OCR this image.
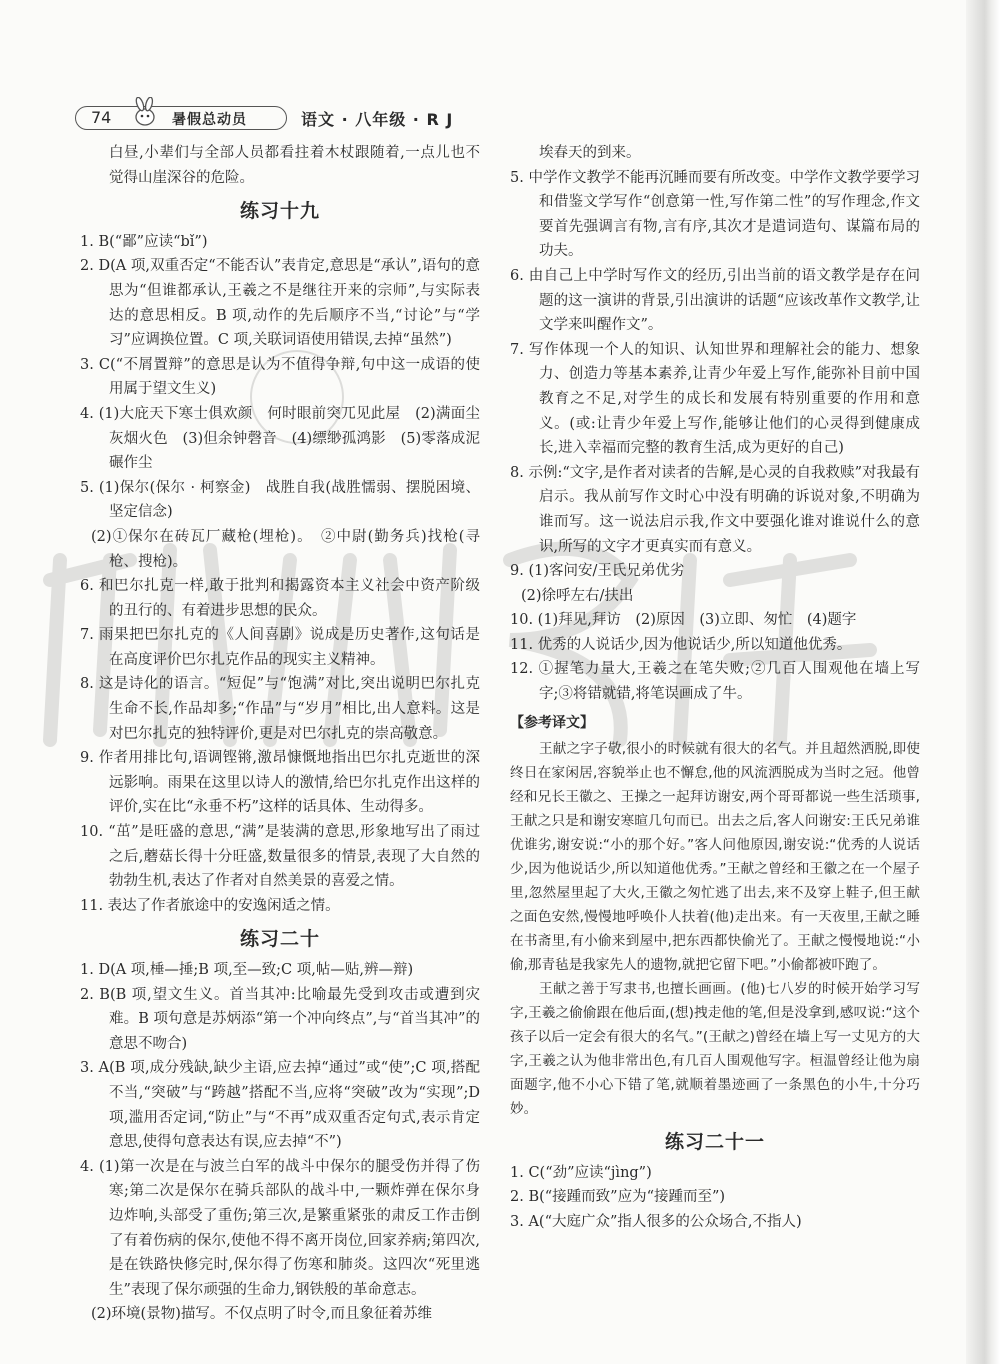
74	暑假总动员	语文 · 八年级 · R J

白昼,小辈们与全部人员都看拄着木杖跟随着,一点儿也不觉得山崖深谷的危险。

练习十九

1. B(“鄙”应读“bǐ”)

2. D(A 项,双重否定“不能否认”表肯定,意思是“承认”,语句的意思为“但谁都承认,王羲之不是继往开来的宗师”,与实际表达的意思相反。B 项,动作的先后顺序不当,“讨论”与“学习”应调换位置。C 项,关联词语使用错误,去掉“虽然”)

3. C(“不屑置辩”的意思是认为不值得争辩,句中这一成语的使用属于望文生义)

4. (1)大庇天下寒士俱欢颜　何时眼前突兀见此屋　(2)满面尘灰烟火色　(3)但余钟磬音　(4)缥缈孤鸿影　(5)零落成泥碾作尘

5. (1)保尔(保尔 · 柯察金)　战胜自我(战胜懦弱、摆脱困境、坚定信念)

(2)①保尔在砖瓦厂藏枪(埋枪)。　②中尉(勤务兵)找枪(寻枪、搜枪)。

6. 和巴尔扎克一样,敢于批判和揭露资本主义社会中资产阶级的丑行的、有着进步思想的民众。

7. 雨果把巴尔扎克的《人间喜剧》说成是历史著作,这句话是在高度评价巴尔扎克作品的现实主义精神。

8. 这是诗化的语言。“短促”与“饱满”对比,突出说明巴尔扎克生命不长,作品却多;“作品”与“岁月”相比,出人意料。这是对巴尔扎克的独特评价,更是对巴尔扎克的崇高敬意。

9. 作者用排比句,语调铿锵,激昂慷慨地指出巴尔扎克逝世的深远影响。雨果在这里以诗人的激情,给巴尔扎克作出这样的评价,实在比“永垂不朽”这样的话具体、生动得多。

10. “茁”是旺盛的意思,“满”是装满的意思,形象地写出了雨过之后,蘑菇长得十分旺盛,数量很多的情景,表现了大自然的勃勃生机,表达了作者对自然美景的喜爱之情。

11. 表达了作者旅途中的安逸闲适之情。

练习二十

1. D(A 项,棰—捶;B 项,至—致;C 项,帖—贴,辨—辩)

2. B(B 项,望文生义。首当其冲:比喻最先受到攻击或遭到灾难。B 项句意是苏炳添“第一个冲向终点”,与“首当其冲”的意思不吻合)

3. A(B 项,成分残缺,缺少主语,应去掉“通过”或“使”;C 项,搭配不当,“突破”与“跨越”搭配不当,应将“突破”改为“实现”;D 项,滥用否定词,“防止”与“不再”成双重否定句式,表示肯定意思,使得句意表达有误,应去掉“不”)

4. (1)第一次是在与波兰白军的战斗中保尔的腿受伤并得了伤寒;第二次是保尔在骑兵部队的战斗中,一颗炸弹在保尔身边炸响,头部受了重伤;第三次,是繁重紧张的肃反工作击倒了有着伤病的保尔,使他不得不离开岗位,回家养病;第四次,是在铁路快修完时,保尔得了伤寒和肺炎。这四次“死里逃生”表现了保尔顽强的生命力,钢铁般的革命意志。

(2)环境(景物)描写。不仅点明了时令,而且象征着苏维

埃春天的到来。

5. 中学作文教学不能再沉睡而要有所改变。中学作文教学要学习和借鉴文学写作“创意第一性,写作第二性”的写作理念,作文要首先强调言有物,言有序,其次才是遣词造句、谋篇布局的功夫。

6. 由自己上中学时写作文的经历,引出当前的语文教学是存在问题的这一演讲的背景,引出演讲的话题“应该改革作文教学,让文学来叫醒作文”。

7. 写作体现一个人的知识、认知世界和理解社会的能力、想象力、创造力等基本素养,让青少年爱上写作,能弥补目前中国教育之不足,对学生的成长和发展有特别重要的作用和意义。(或:让青少年爱上写作,能够让他们的心灵得到健康成长,进入幸福而完整的教育生活,成为更好的自己)

8. 示例:“文字,是作者对读者的告解,是心灵的自我救赎”对我最有启示。我从前写作文时心中没有明确的诉说对象,不明确为谁而写。这一说法启示我,作文中要强化谁对谁说什么的意识,所写的文字才更真实而有意义。

9. (1)客问安/王氏兄弟优劣

(2)徐呼左右/扶出

10. (1)拜见,拜访　(2)原因　(3)立即、匆忙　(4)题字

11. 优秀的人说话少,因为他说话少,所以知道他优秀。

12. ①握笔力量大,王羲之在笔失败;②几百人围观他在墙上写字;③将错就错,将笔误画成了牛。

【参考译文】

王献之字子敬,很小的时候就有很大的名气。并且超然洒脱,即使终日在家闲居,容貌举止也不懈怠,他的风流洒脱成为当时之冠。他曾经和兄长王徽之、王操之一起拜访谢安,两个哥哥都说一些生活琐事,王献之只是和谢安寒暄几句而已。出去之后,客人问谢安:王氏兄弟谁优谁劣,谢安说:“小的那个好。”客人问他原因,谢安说:“优秀的人说话少,因为他说话少,所以知道他优秀。”王献之曾经和王徽之在一个屋子里,忽然屋里起了大火,王徽之匆忙逃了出去,来不及穿上鞋子,但王献之面色安然,慢慢地呼唤仆人扶着(他)走出来。有一天夜里,王献之睡在书斋里,有小偷来到屋中,把东西都快偷光了。王献之慢慢地说:“小偷,那青毡是我家先人的遗物,就把它留下吧。”小偷都被吓跑了。

王献之善于写隶书,也擅长画画。(他)七八岁的时候开始学习写字,王羲之偷偷跟在他后面,(想)拽走他的笔,但是没拿到,感叹说:“这个孩子以后一定会有很大的名气。”(王献之)曾经在墙上写一丈见方的大字,王羲之认为他非常出色,有几百人围观他写字。桓温曾经让他为扇面题字,他不小心下错了笔,就顺着墨迹画了一条黑色的小牛,十分巧妙。

练习二十一

1. C(“劲”应读“jìng”)

2. B(“接踵而致”应为“接踵而至”)

3. A(“大庭广众”指人很多的公众场合,不指人)
